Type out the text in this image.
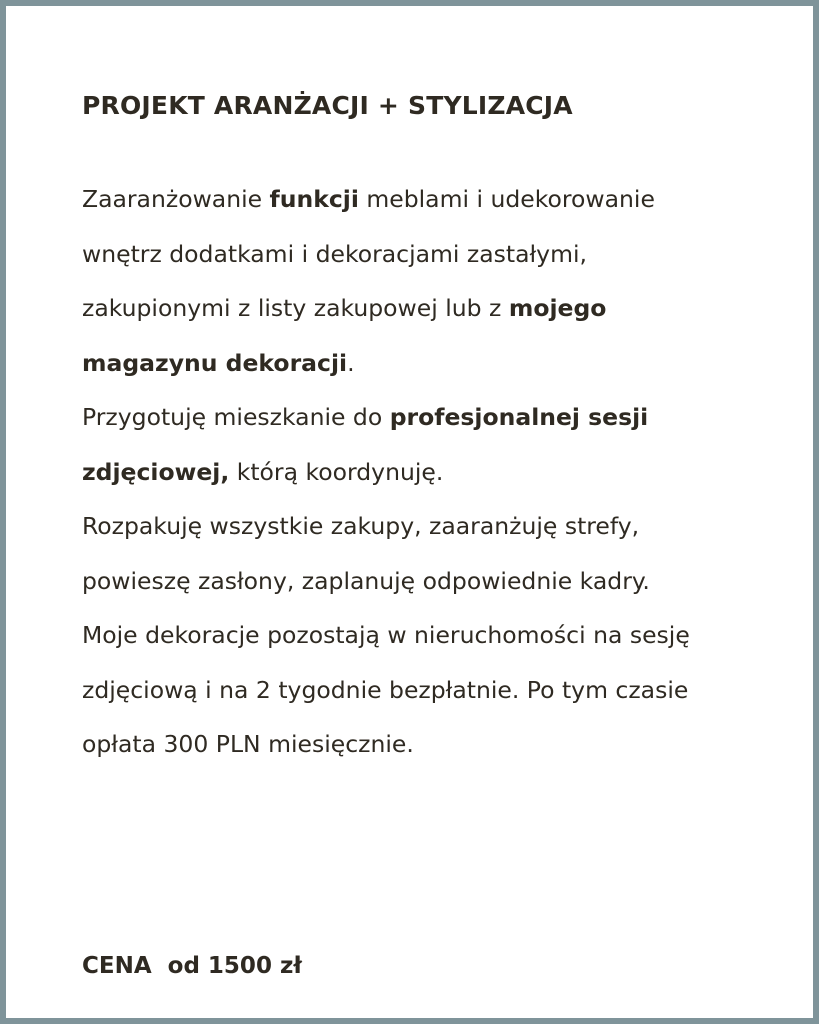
PROJEKT ARANŻACJI + STYLIZACJA

Zaaranżowanie funkcji meblami i udekorowanie wnętrz dodatkami i dekoracjami zastałymi, zakupionymi z listy zakupowej lub z mojego magazynu dekoracji.

Przygotuję mieszkanie do profesjonalnej sesji zdjęciowej, którą koordynuję.

Rozpakuję wszystkie zakupy, zaaranżuję strefy, powieszę zasłony, zaplanuję odpowiednie kadry.

Moje dekoracje pozostają w nieruchomości na sesję zdjęciową i na 2 tygodnie bezpłatnie. Po tym czasie opłata 300 PLN miesięcznie.

CENA  od 1500 zł
